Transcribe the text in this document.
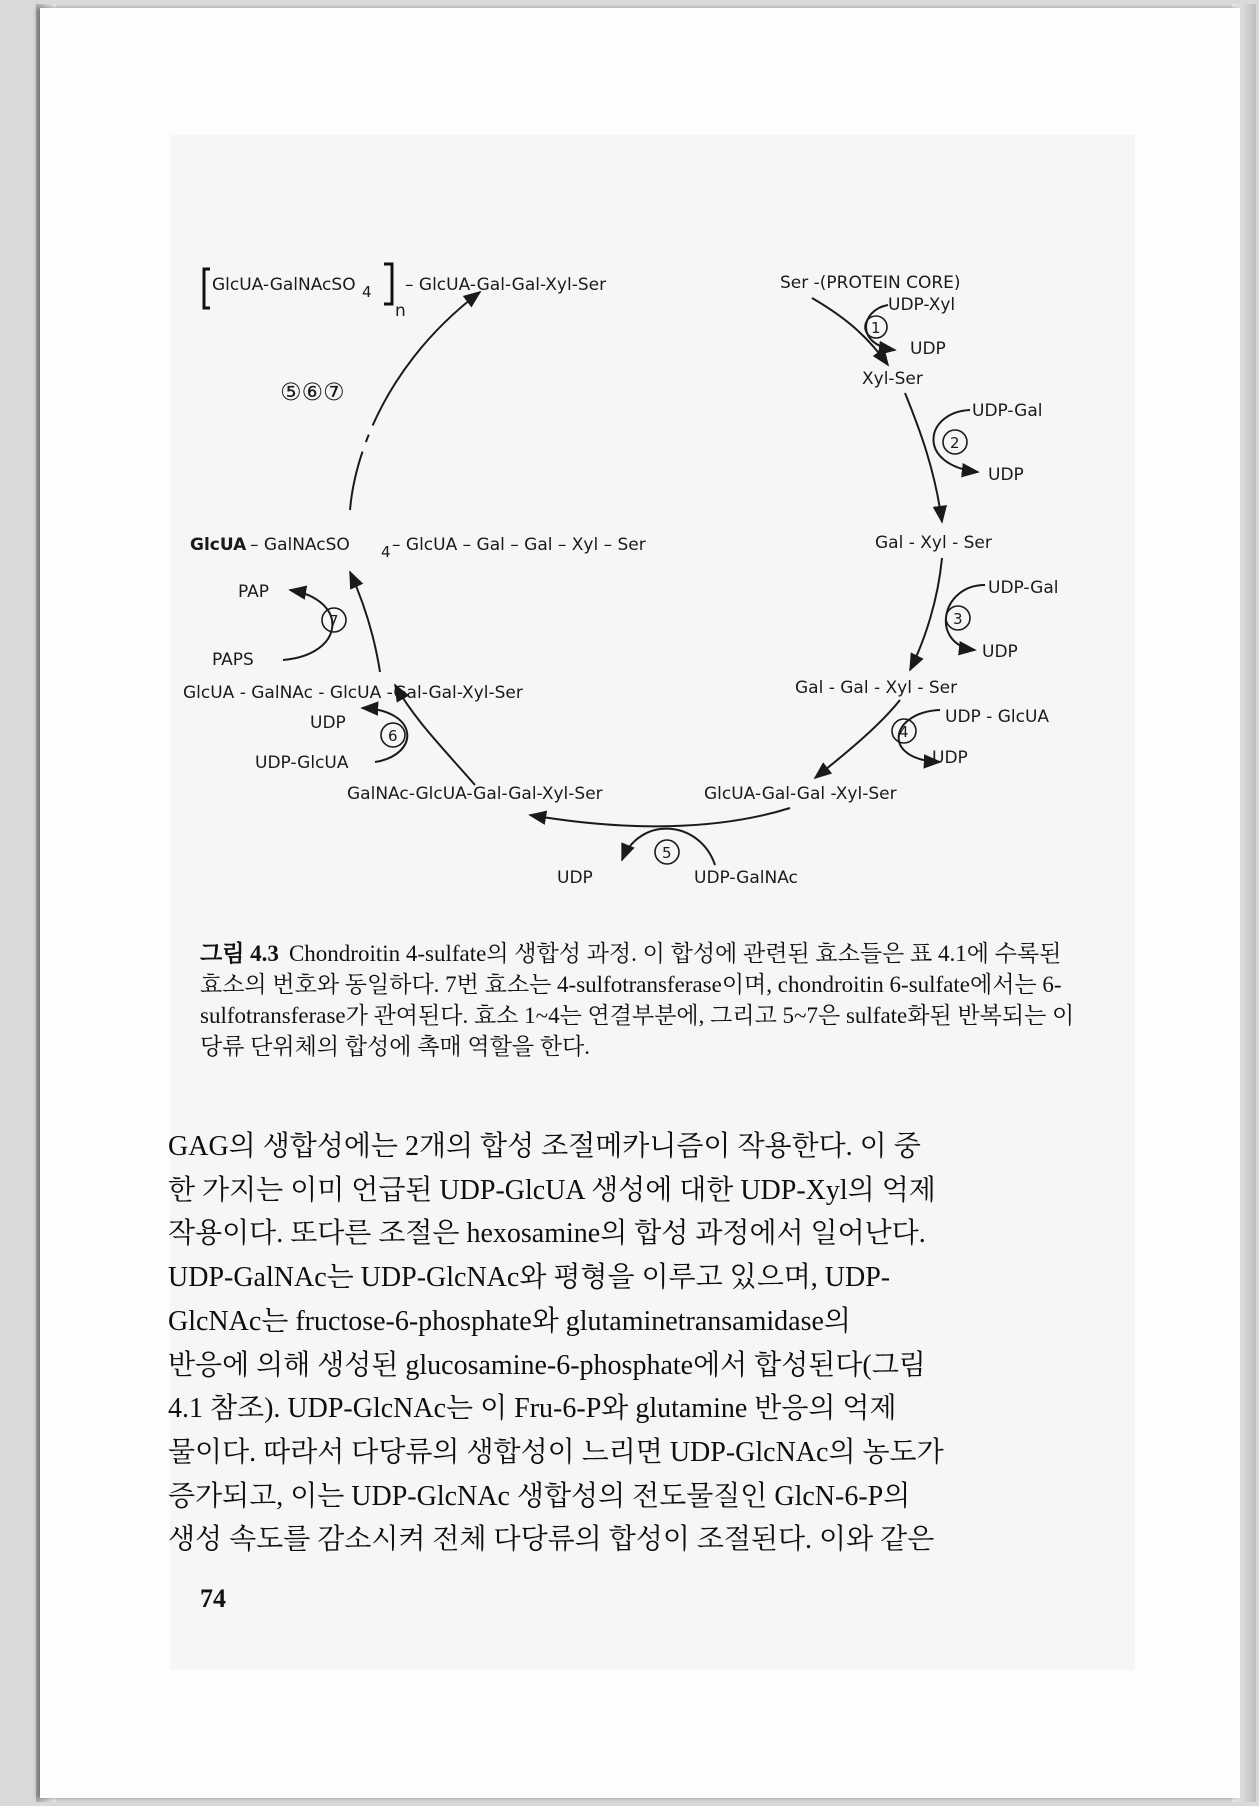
GlcUA-GalNAcSO 4
n
– GlcUA-Gal-Gal-Xyl-Ser
⑤⑥⑦
Ser -(PROTEIN CORE)
UDP-Xyl
1
UDP
Xyl-Ser
UDP-Gal
2
UDP
Gal - Xyl - Ser
UDP-Gal
3
UDP
Gal - Gal - Xyl - Ser
UDP - GlcUA
4
UDP
GlcUA-Gal-Gal -Xyl-Ser
5
UDP	UDP-GalNAc
GalNAc-GlcUA-Gal-Gal-Xyl-Ser
UDP
6
UDP-GlcUA
GlcUA - GalNAc - GlcUA -Gal-Gal-Xyl-Ser
PAP
7
PAPS
GlcUA – GalNAcSO 4 – GlcUA – Gal – Gal – Xyl – Ser
그림 4.3 Chondroitin 4-sulfate의 생합성 과정. 이 합성에 관련된 효소들은 표 4.1에 수록된 효소의 번호와 동일하다. 7번 효소는 4-sulfotransferase이며, chondroitin 6-sulfate에서는 6-sulfotransferase가 관여된다. 효소 1~4는 연결부분에, 그리고 5~7은 sulfate화된 반복되는 이당류 단위체의 합성에 촉매 역할을 한다.
GAG의 생합성에는 2개의 합성 조절메카니즘이 작용한다. 이 중
한 가지는 이미 언급된 UDP-GlcUA 생성에 대한 UDP-Xyl의 억제
작용이다. 또다른 조절은 hexosamine의 합성 과정에서 일어난다.
UDP-GalNAc는 UDP-GlcNAc와 평형을 이루고 있으며, UDP-
GlcNAc는 fructose-6-phosphate와 glutaminetransamidase의
반응에 의해 생성된 glucosamine-6-phosphate에서 합성된다(그림
4.1 참조). UDP-GlcNAc는 이 Fru-6-P와 glutamine 반응의 억제
물이다. 따라서 다당류의 생합성이 느리면 UDP-GlcNAc의 농도가
증가되고, 이는 UDP-GlcNAc 생합성의 전도물질인 GlcN-6-P의
생성 속도를 감소시켜 전체 다당류의 합성이 조절된다. 이와 같은
74
